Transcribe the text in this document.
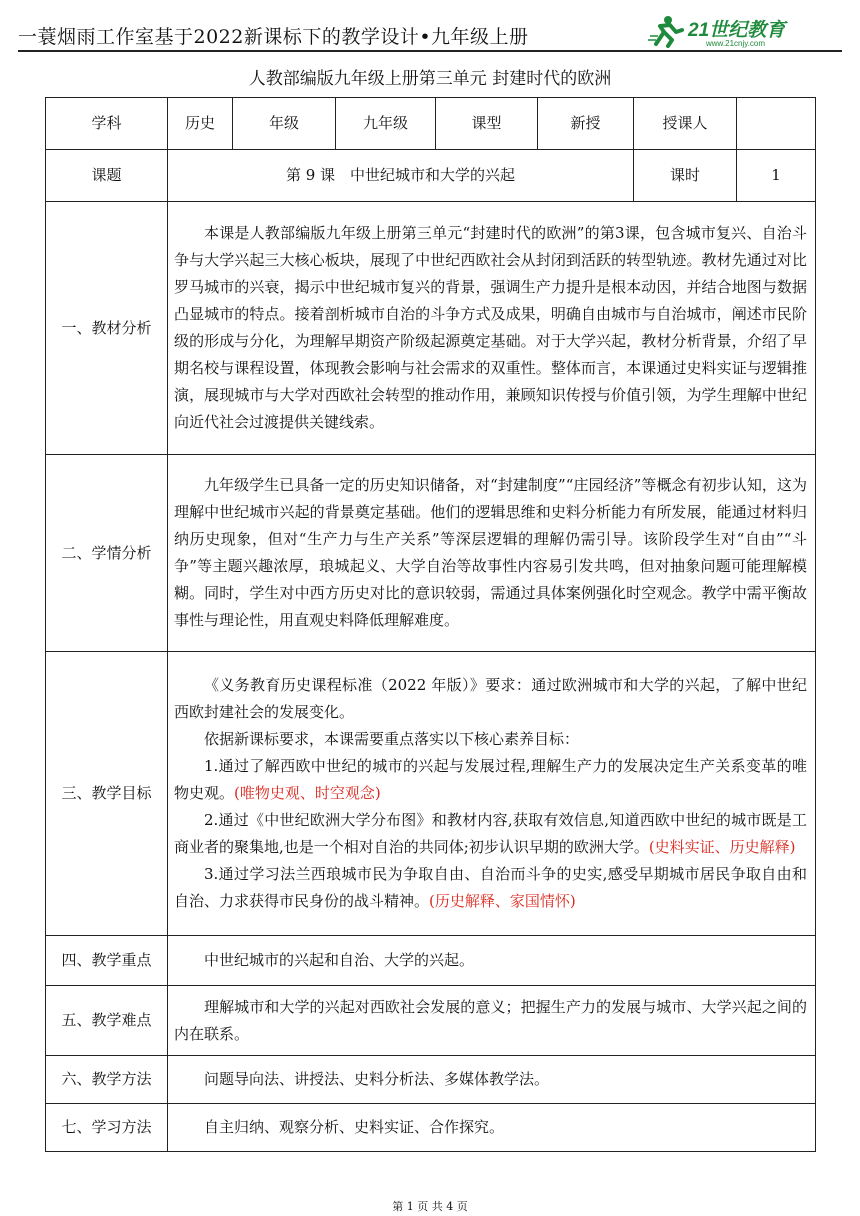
一蓑烟雨工作室基于2022新课标下的教学设计•九年级上册	21世纪教育
www.21cnjy.com
人教部编版九年级上册第三单元 封建时代的欧洲
学科	历史	年级	九年级	课型	新授	授课人	
课题	第 9 课　中世纪城市和大学的兴起					课时	1
一、教材分析	本课是人教部编版九年级上册第三单元“封建时代的欧洲”的第3课，包含城市复兴、自治斗争与大学兴起三大核心板块，展现了中世纪西欧社会从封闭到活跃的转型轨迹。教材先通过对比罗马城市的兴衰，揭示中世纪城市复兴的背景，强调生产力提升是根本动因，并结合地图与数据凸显城市的特点。接着剖析城市自治的斗争方式及成果，明确自由城市与自治城市，阐述市民阶级的形成与分化，为理解早期资产阶级起源奠定基础。对于大学兴起，教材分析背景，介绍了早期名校与课程设置，体现教会影响与社会需求的双重性。整体而言，本课通过史料实证与逻辑推演，展现城市与大学对西欧社会转型的推动作用，兼顾知识传授与价值引领，为学生理解中世纪向近代社会过渡提供关键线索。						

二、学情分析	九年级学生已具备一定的历史知识储备，对“封建制度”“庄园经济”等概念有初步认知，这为理解中世纪城市兴起的背景奠定基础。他们的逻辑思维和史料分析能力有所发展，能通过材料归纳历史现象，但对“生产力与生产关系”等深层逻辑的理解仍需引导。该阶段学生对“自由”“斗争”等主题兴趣浓厚，琅城起义、大学自治等故事性内容易引发共鸣，但对抽象问题可能理解模糊。同时，学生对中西方历史对比的意识较弱，需通过具体案例强化时空观念。教学中需平衡故事性与理论性，用直观史料降低理解难度。						

三、教学目标	《义务教育历史课程标准（2022 年版）》要求：通过欧洲城市和大学的兴起，了解中世纪西欧封建社会的发展变化。

依据新课标要求，本课需要重点落实以下核心素养目标：

1.通过了解西欧中世纪的城市的兴起与发展过程,理解生产力的发展决定生产关系变革的唯物史观。(唯物史观、时空观念)

2.通过《中世纪欧洲大学分布图》和教材内容,获取有效信息,知道西欧中世纪的城市既是工商业者的聚集地,也是一个相对自治的共同体;初步认识早期的欧洲大学。(史料实证、历史解释)

3.通过学习法兰西琅城市民为争取自由、自治而斗争的史实,感受早期城市居民争取自由和自治、力求获得市民身份的战斗精神。(历史解释、家国情怀)						

四、教学重点	中世纪城市的兴起和自治、大学的兴起。						

五、教学难点	理解城市和大学的兴起对西欧社会发展的意义；把握生产力的发展与城市、大学兴起之间的内在联系。						

六、教学方法	问题导向法、讲授法、史料分析法、多媒体教学法。						

七、学习方法	自主归纳、观察分析、史料实证、合作探究。						

第 1 页 共 4 页
